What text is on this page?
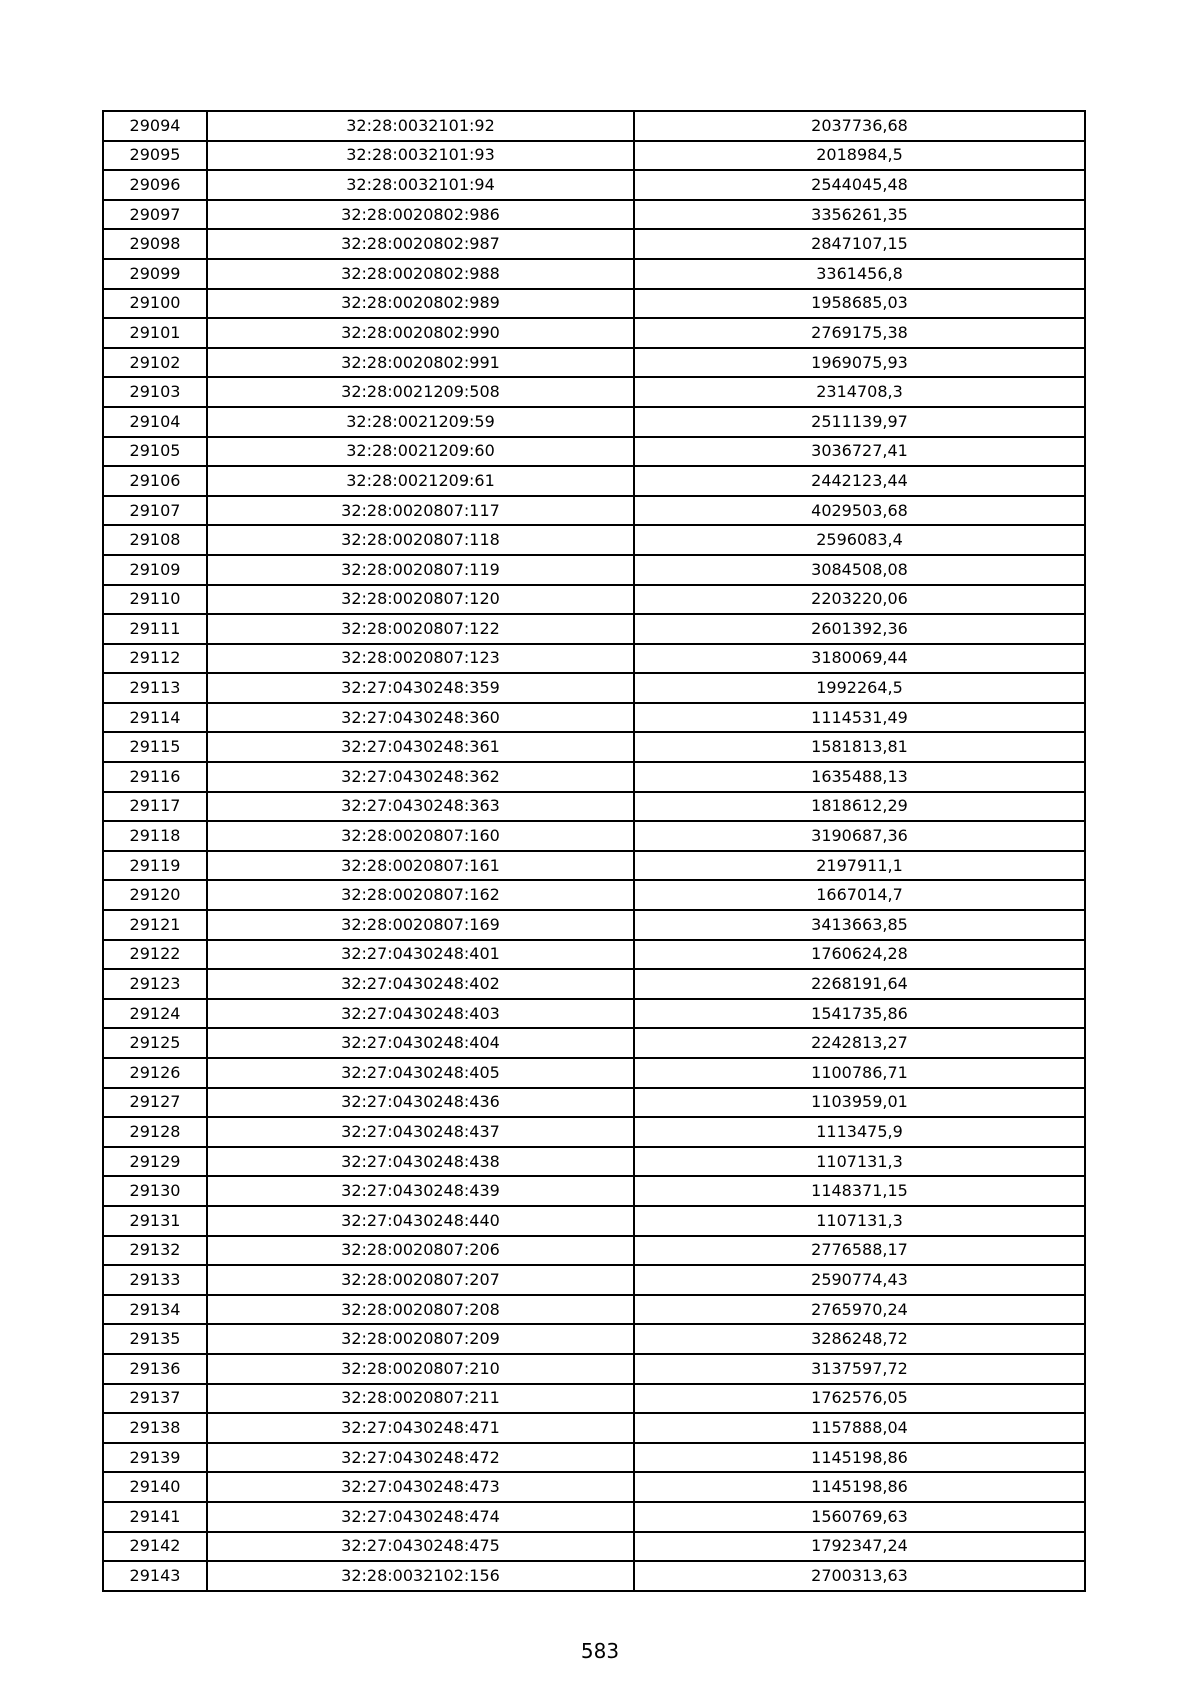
29094	32:28:0032101:92	2037736,68
29095	32:28:0032101:93	2018984,5
29096	32:28:0032101:94	2544045,48
29097	32:28:0020802:986	3356261,35
29098	32:28:0020802:987	2847107,15
29099	32:28:0020802:988	3361456,8
29100	32:28:0020802:989	1958685,03
29101	32:28:0020802:990	2769175,38
29102	32:28:0020802:991	1969075,93
29103	32:28:0021209:508	2314708,3
29104	32:28:0021209:59	2511139,97
29105	32:28:0021209:60	3036727,41
29106	32:28:0021209:61	2442123,44
29107	32:28:0020807:117	4029503,68
29108	32:28:0020807:118	2596083,4
29109	32:28:0020807:119	3084508,08
29110	32:28:0020807:120	2203220,06
29111	32:28:0020807:122	2601392,36
29112	32:28:0020807:123	3180069,44
29113	32:27:0430248:359	1992264,5
29114	32:27:0430248:360	1114531,49
29115	32:27:0430248:361	1581813,81
29116	32:27:0430248:362	1635488,13
29117	32:27:0430248:363	1818612,29
29118	32:28:0020807:160	3190687,36
29119	32:28:0020807:161	2197911,1
29120	32:28:0020807:162	1667014,7
29121	32:28:0020807:169	3413663,85
29122	32:27:0430248:401	1760624,28
29123	32:27:0430248:402	2268191,64
29124	32:27:0430248:403	1541735,86
29125	32:27:0430248:404	2242813,27
29126	32:27:0430248:405	1100786,71
29127	32:27:0430248:436	1103959,01
29128	32:27:0430248:437	1113475,9
29129	32:27:0430248:438	1107131,3
29130	32:27:0430248:439	1148371,15
29131	32:27:0430248:440	1107131,3
29132	32:28:0020807:206	2776588,17
29133	32:28:0020807:207	2590774,43
29134	32:28:0020807:208	2765970,24
29135	32:28:0020807:209	3286248,72
29136	32:28:0020807:210	3137597,72
29137	32:28:0020807:211	1762576,05
29138	32:27:0430248:471	1157888,04
29139	32:27:0430248:472	1145198,86
29140	32:27:0430248:473	1145198,86
29141	32:27:0430248:474	1560769,63
29142	32:27:0430248:475	1792347,24
29143	32:28:0032102:156	2700313,63
583
